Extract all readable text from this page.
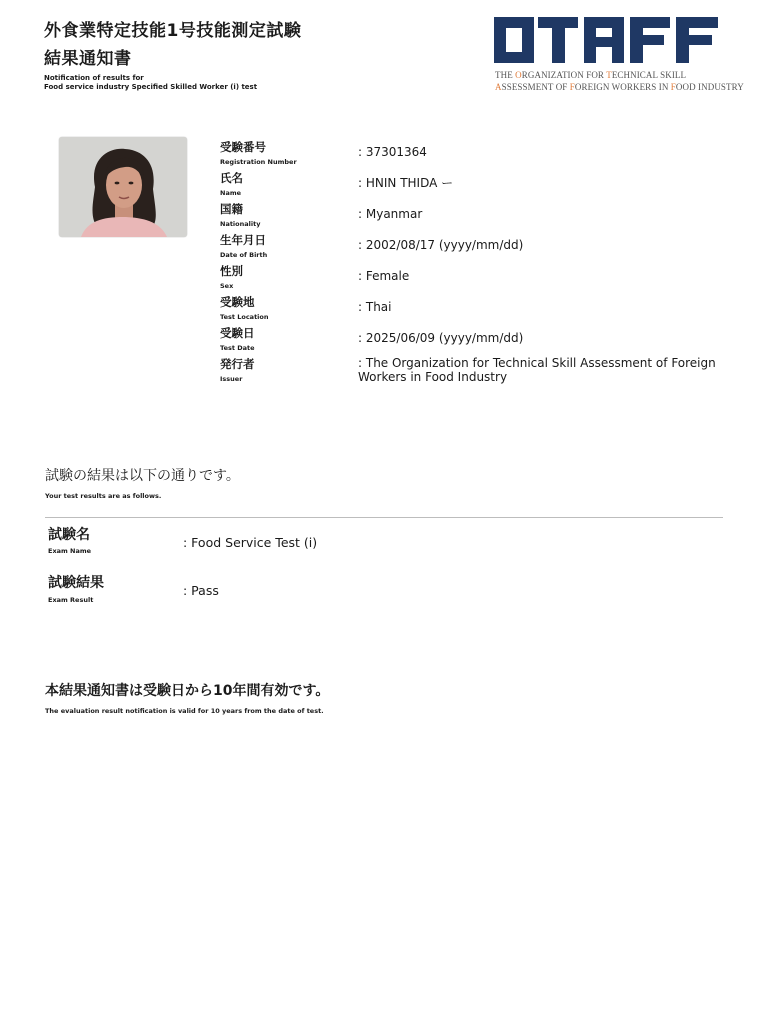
外食業特定技能1号技能測定試験
結果通知書
Notification of results for
Food service industry Specified Skilled Worker (i) test
THE ORGANIZATION FOR TECHNICAL SKILL
ASSESSMENT OF FOREIGN WORKERS IN FOOD INDUSTRY
受験番号
Registration Number
: 37301364
氏名
Name
: HNIN THIDA ー
国籍
Nationality
: Myanmar
生年月日
Date of Birth
: 2002/08/17 (yyyy/mm/dd)
性別
Sex
: Female
受験地
Test Location
: Thai
受験日
Test Date
: 2025/06/09 (yyyy/mm/dd)
発行者
Issuer
: The Organization for Technical Skill Assessment of Foreign
Workers in Food Industry
試験の結果は以下の通りです。
Your test results are as follows.
試験名
Exam Name
: Food Service Test (i)
試験結果
Exam Result
: Pass
本結果通知書は受験日から10年間有効です。
The evaluation result notification is valid for 10 years from the date of test.
